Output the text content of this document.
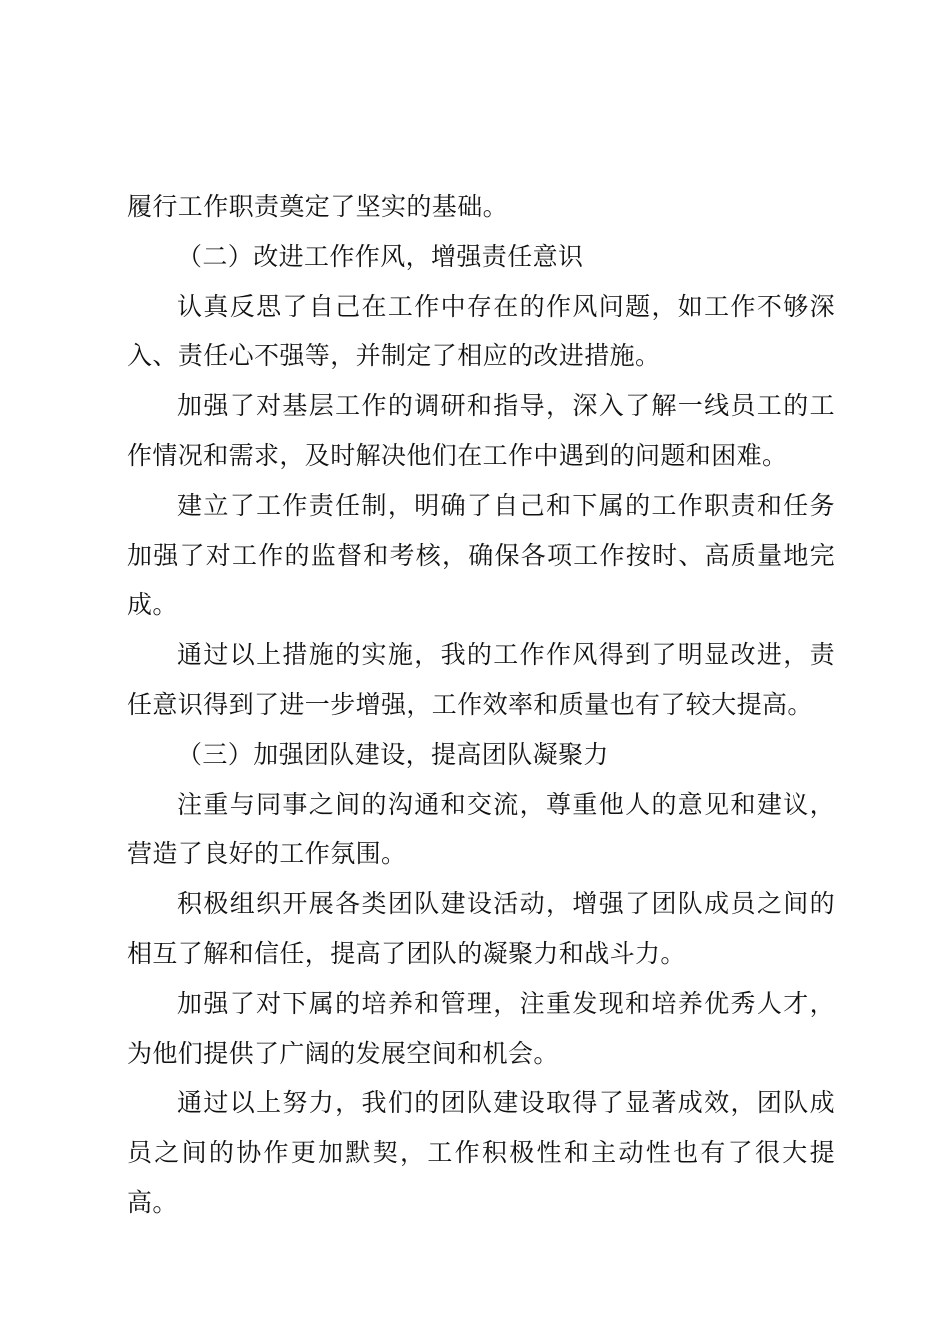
履行工作职责奠定了坚实的基础。

（二）改进工作作风，增强责任意识

认真反思了自己在工作中存在的作风问题，如工作不够深入、责任心不强等，并制定了相应的改进措施。

加强了对基层工作的调研和指导，深入了解一线员工的工作情况和需求，及时解决他们在工作中遇到的问题和困难。

建立了工作责任制，明确了自己和下属的工作职责和任务加强了对工作的监督和考核，确保各项工作按时、高质量地完成。

通过以上措施的实施，我的工作作风得到了明显改进，责任意识得到了进一步增强，工作效率和质量也有了较大提高。

（三）加强团队建设，提高团队凝聚力

注重与同事之间的沟通和交流，尊重他人的意见和建议，营造了良好的工作氛围。

积极组织开展各类团队建设活动，增强了团队成员之间的相互了解和信任，提高了团队的凝聚力和战斗力。

加强了对下属的培养和管理，注重发现和培养优秀人才，为他们提供了广阔的发展空间和机会。

通过以上努力，我们的团队建设取得了显著成效，团队成员之间的协作更加默契，工作积极性和主动性也有了很大提高。
